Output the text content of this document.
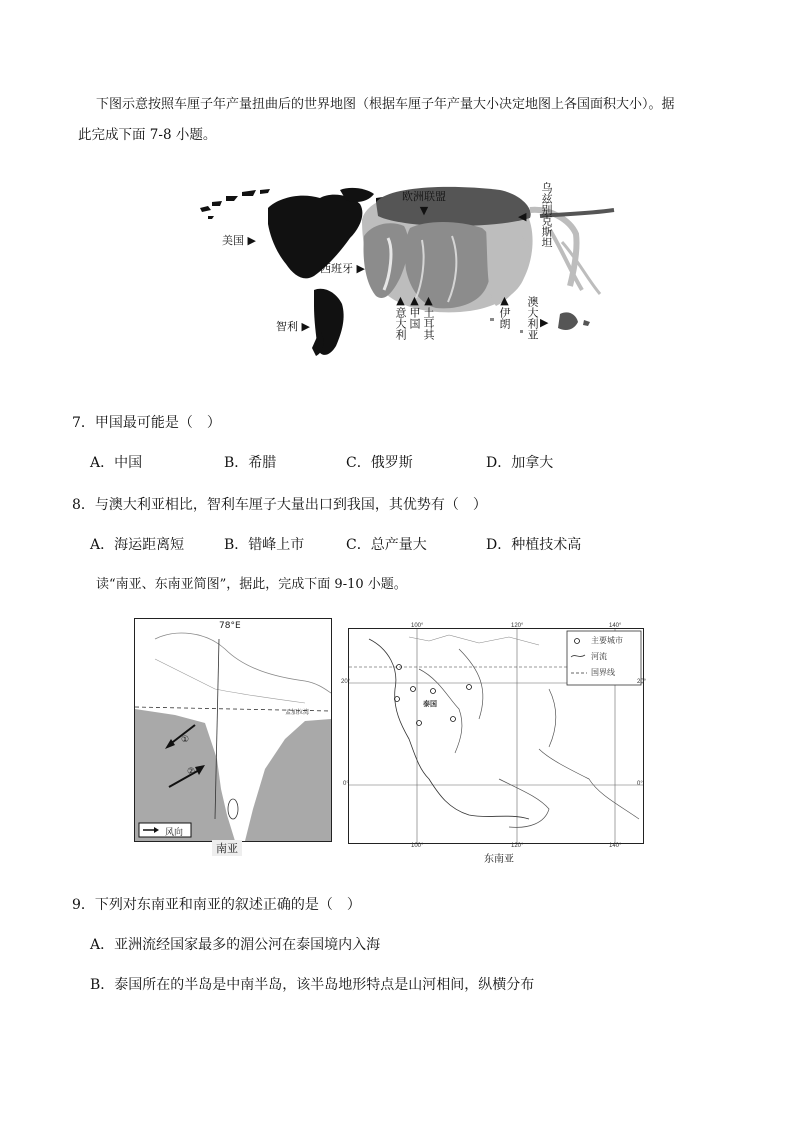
下图示意按照车厘子年产量扭曲后的世界地图（根据车厘子年产量大小决定地图上各国面积大小）。据
此完成下面 7-8 小题。
美国 ▶
智利 ▶
西班牙 ▶
欧洲联盟
▼
▲意大利
▲甲国
▲土耳其
▲伊朗
乌兹别克斯坦
◀
澳大利亚 ▶
7．甲国最可能是（　）
A．中国	B．希腊	C．俄罗斯	D．加拿大
8．与澳大利亚相比，智利车厘子大量出口到我国，其优势有（　）
A．海运距离短	B．错峰上市	C．总产量大	D．种植技术高
读“南亚、东南亚简图”，据此，完成下面 9-10 小题。
78°E
①
②
孟加拉湾
风向
南亚
主要城市
河流
国界线
泰国
100°	120°	140°
100°	120°	140°
20°
0°
20°
0°
东南亚
9．下列对东南亚和南亚的叙述正确的是（　）
A．亚洲流经国家最多的湄公河在泰国境内入海
B．泰国所在的半岛是中南半岛，该半岛地形特点是山河相间，纵横分布
